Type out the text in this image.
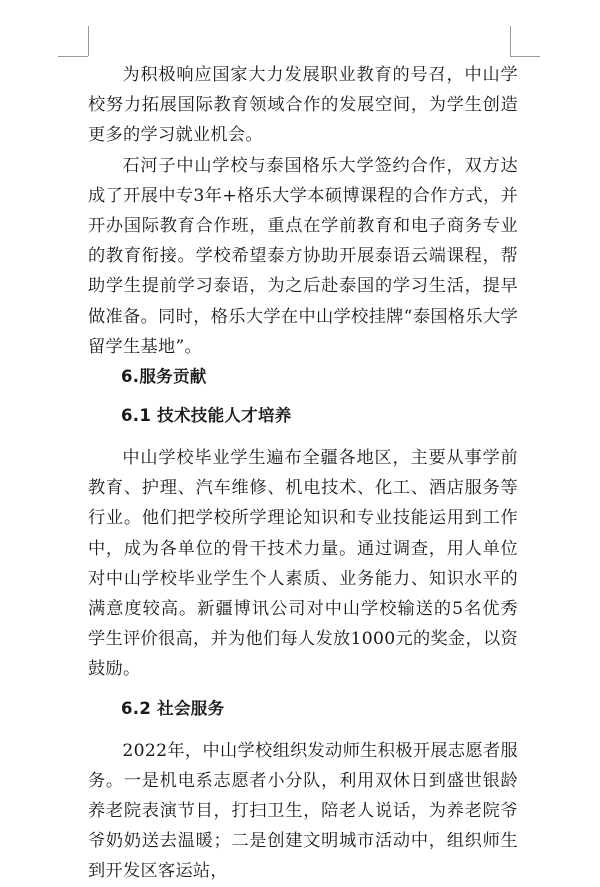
为积极响应国家大力发展职业教育的号召，中山学校努力拓展国际教育领域合作的发展空间，为学生创造更多的学习就业机会。

石河子中山学校与泰国格乐大学签约合作，双方达成了开展中专3年+格乐大学本硕博课程的合作方式，并开办国际教育合作班，重点在学前教育和电子商务专业的教育衔接。学校希望泰方协助开展泰语云端课程，帮助学生提前学习泰语，为之后赴泰国的学习生活，提早做准备。同时，格乐大学在中山学校挂牌“泰国格乐大学留学生基地”。

6.服务贡献

6.1 技术技能人才培养

中山学校毕业学生遍布全疆各地区，主要从事学前教育、护理、汽车维修、机电技术、化工、酒店服务等行业。他们把学校所学理论知识和专业技能运用到工作中，成为各单位的骨干技术力量。通过调查，用人单位对中山学校毕业学生个人素质、业务能力、知识水平的满意度较高。新疆博讯公司对中山学校输送的5名优秀学生评价很高，并为他们每人发放1000元的奖金，以资鼓励。

6.2 社会服务

2022年，中山学校组织发动师生积极开展志愿者服务。一是机电系志愿者小分队，利用双休日到盛世银龄养老院表演节目，打扫卫生，陪老人说话，为养老院爷爷奶奶送去温暖；二是创建文明城市活动中，组织师生到开发区客运站，
